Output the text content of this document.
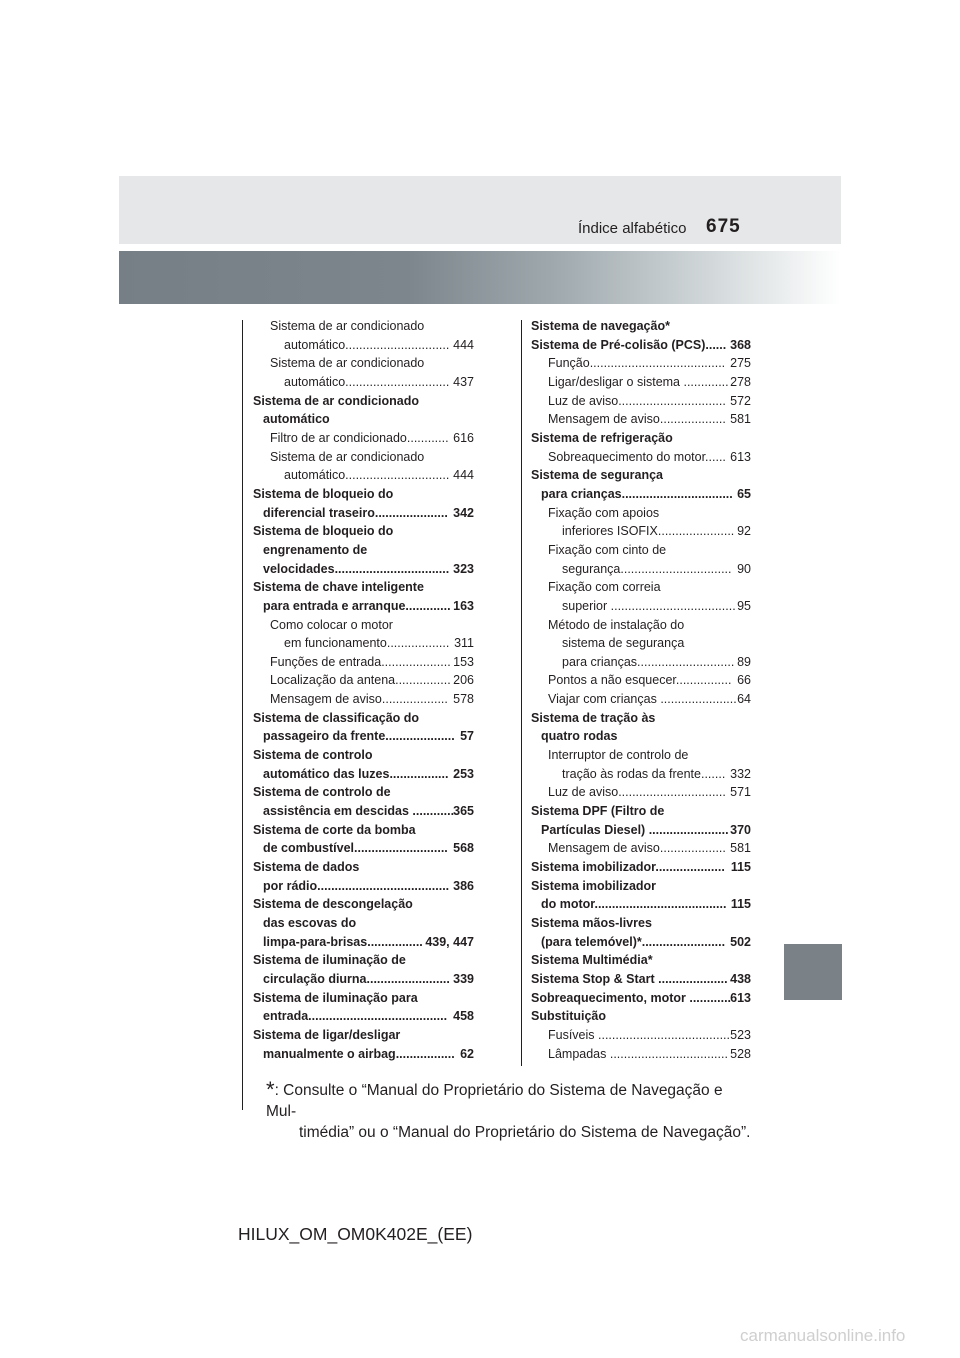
Índice alfabético 675
Sistema de ar condicionado
automático.............................. 444
Sistema de ar condicionado
automático.............................. 437
Sistema de ar condicionado
automático
Filtro de ar condicionado............ 616
Sistema de ar condicionado
automático.............................. 444
Sistema de bloqueio do
diferencial traseiro..................... 342
Sistema de bloqueio do
engrenamento de
velocidades................................. 323
Sistema de chave inteligente
para entrada e arranque............. 163
Como colocar o motor
em funcionamento.................. 311
Funções de entrada.................... 153
Localização da antena................ 206
Mensagem de aviso................... 578
Sistema de classificação do
passageiro da frente.................... 57
Sistema de controlo
automático das luzes................. 253
Sistema de controlo de
assistência em descidas ............ 365
Sistema de corte da bomba
de combustível........................... 568
Sistema de dados
por rádio...................................... 386
Sistema de descongelação
das escovas do
limpa-para-brisas................ 439, 447
Sistema de iluminação de
circulação diurna........................ 339
Sistema de iluminação para
entrada........................................ 458
Sistema de ligar/desligar
manualmente o airbag................. 62
Sistema de navegação*
Sistema de Pré-colisão (PCS)...... 368
Função....................................... 275
Ligar/desligar o sistema ............. 278
Luz de aviso............................... 572
Mensagem de aviso................... 581
Sistema de refrigeração
Sobreaquecimento do motor...... 613
Sistema de segurança
para crianças................................ 65
Fixação com apoios
inferiores ISOFIX...................... 92
Fixação com cinto de
segurança................................ 90
Fixação com correia
superior .................................... 95
Método de instalação do
sistema de segurança
para crianças............................ 89
Pontos a não esquecer................ 66
Viajar com crianças ...................... 64
Sistema de tração às
quatro rodas
Interruptor de controlo de
tração às rodas da frente....... 332
Luz de aviso............................... 571
Sistema DPF (Filtro de
Partículas Diesel) ....................... 370
Mensagem de aviso................... 581
Sistema imobilizador.................... 115
Sistema imobilizador
do motor...................................... 115
Sistema mãos-livres
(para telemóvel)*........................ 502
Sistema Multimédia*
Sistema Stop & Start .................... 438
Sobreaquecimento, motor ............ 613
Substituição
Fusíveis ...................................... 523
Lâmpadas .................................. 528
*: Consulte o “Manual do Proprietário do Sistema de Navegação e Mul-
timédia” ou o “Manual do Proprietário do Sistema de Navegação”.
HILUX_OM_OM0K402E_(EE)
carmanualsonline.info
